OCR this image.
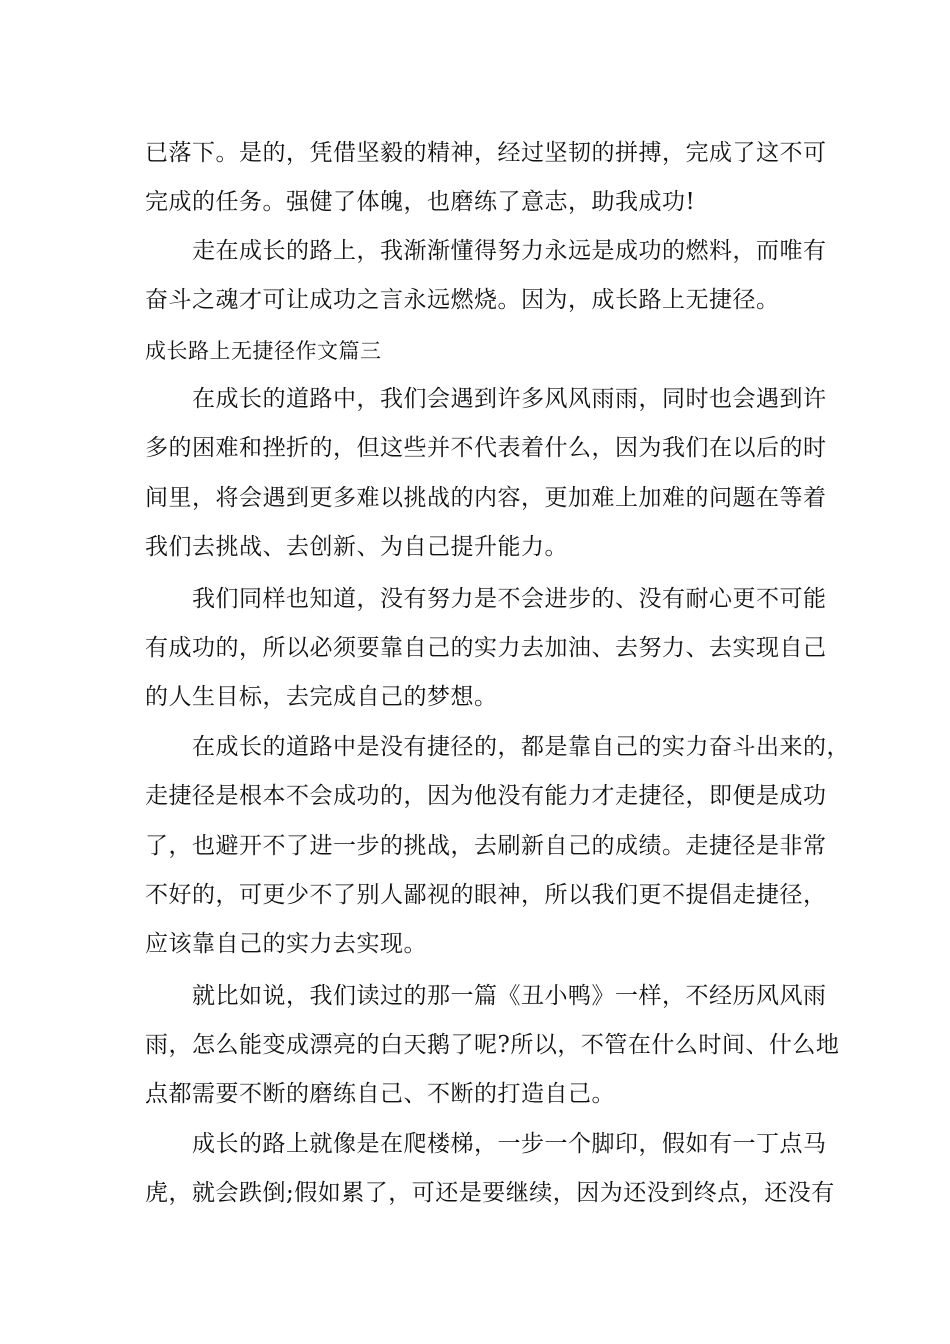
已落下。是的，凭借坚毅的精神，经过坚韧的拼搏，完成了这不可
完成的任务。强健了体魄，也磨练了意志，助我成功!
走在成长的路上，我渐渐懂得努力永远是成功的燃料，而唯有
奋斗之魂才可让成功之言永远燃烧。因为，成长路上无捷径。
成长路上无捷径作文篇三
在成长的道路中，我们会遇到许多风风雨雨，同时也会遇到许
多的困难和挫折的，但这些并不代表着什么，因为我们在以后的时
间里，将会遇到更多难以挑战的内容，更加难上加难的问题在等着
我们去挑战、去创新、为自己提升能力。
我们同样也知道，没有努力是不会进步的、没有耐心更不可能
有成功的，所以必须要靠自己的实力去加油、去努力、去实现自己
的人生目标，去完成自己的梦想。
在成长的道路中是没有捷径的，都是靠自己的实力奋斗出来的，
走捷径是根本不会成功的，因为他没有能力才走捷径，即便是成功
了，也避开不了进一步的挑战，去刷新自己的成绩。走捷径是非常
不好的，可更少不了别人鄙视的眼神，所以我们更不提倡走捷径，
应该靠自己的实力去实现。
就比如说，我们读过的那一篇《丑小鸭》一样，不经历风风雨
雨，怎么能变成漂亮的白天鹅了呢?所以，不管在什么时间、什么地
点都需要不断的磨练自己、不断的打造自己。
成长的路上就像是在爬楼梯，一步一个脚印，假如有一丁点马
虎，就会跌倒;假如累了，可还是要继续，因为还没到终点，还没有
